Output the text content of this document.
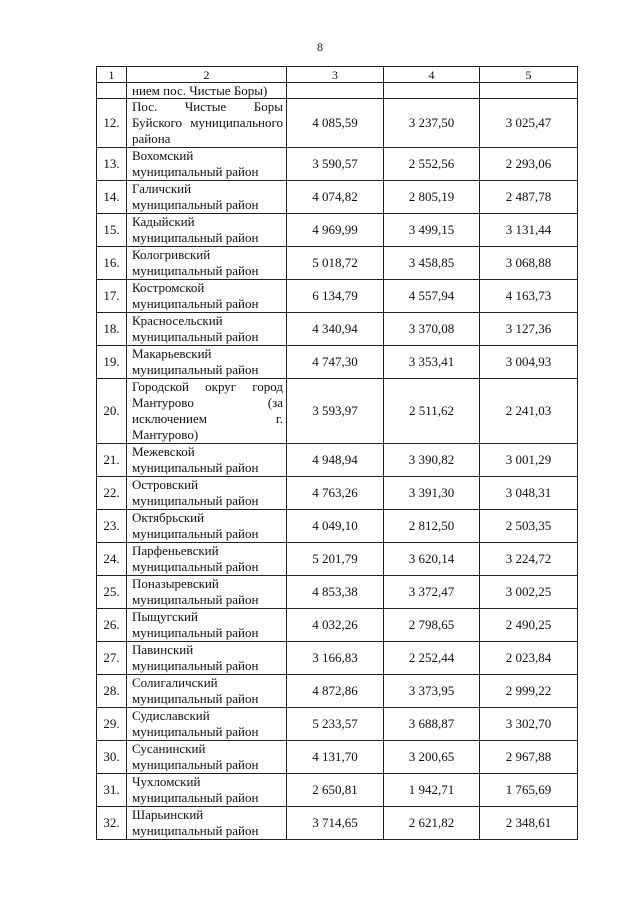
8
1	2	3	4	5
	нием пос. Чистые Боры)			
12.	Пос. Чистые Боры Буйского муниципального района	4 085,59	3 237,50	3 025,47
13.	Вохомский муниципальный район	3 590,57	2 552,56	2 293,06
14.	Галичский муниципальный район	4 074,82	2 805,19	2 487,78
15.	Кадыйский муниципальный район	4 969,99	3 499,15	3 131,44
16.	Кологривский муниципальный район	5 018,72	3 458,85	3 068,88
17.	Костромской муниципальный район	6 134,79	4 557,94	4 163,73
18.	Красносельский муниципальный район	4 340,94	3 370,08	3 127,36
19.	Макарьевский муниципальный район	4 747,30	3 353,41	3 004,93
20.	Городской округ город Мантурово (за исключением г. Мантурово)	3 593,97	2 511,62	2 241,03
21.	Межевской муниципальный район	4 948,94	3 390,82	3 001,29
22.	Островский муниципальный район	4 763,26	3 391,30	3 048,31
23.	Октябрьский муниципальный район	4 049,10	2 812,50	2 503,35
24.	Парфеньевский муниципальный район	5 201,79	3 620,14	3 224,72
25.	Поназыревский муниципальный район	4 853,38	3 372,47	3 002,25
26.	Пыщугский муниципальный район	4 032,26	2 798,65	2 490,25
27.	Павинский муниципальный район	3 166,83	2 252,44	2 023,84
28.	Солигаличский муниципальный район	4 872,86	3 373,95	2 999,22
29.	Судиславский муниципальный район	5 233,57	3 688,87	3 302,70
30.	Сусанинский муниципальный район	4 131,70	3 200,65	2 967,88
31.	Чухломский муниципальный район	2 650,81	1 942,71	1 765,69
32.	Шарьинский муниципальный район	3 714,65	2 621,82	2 348,61
